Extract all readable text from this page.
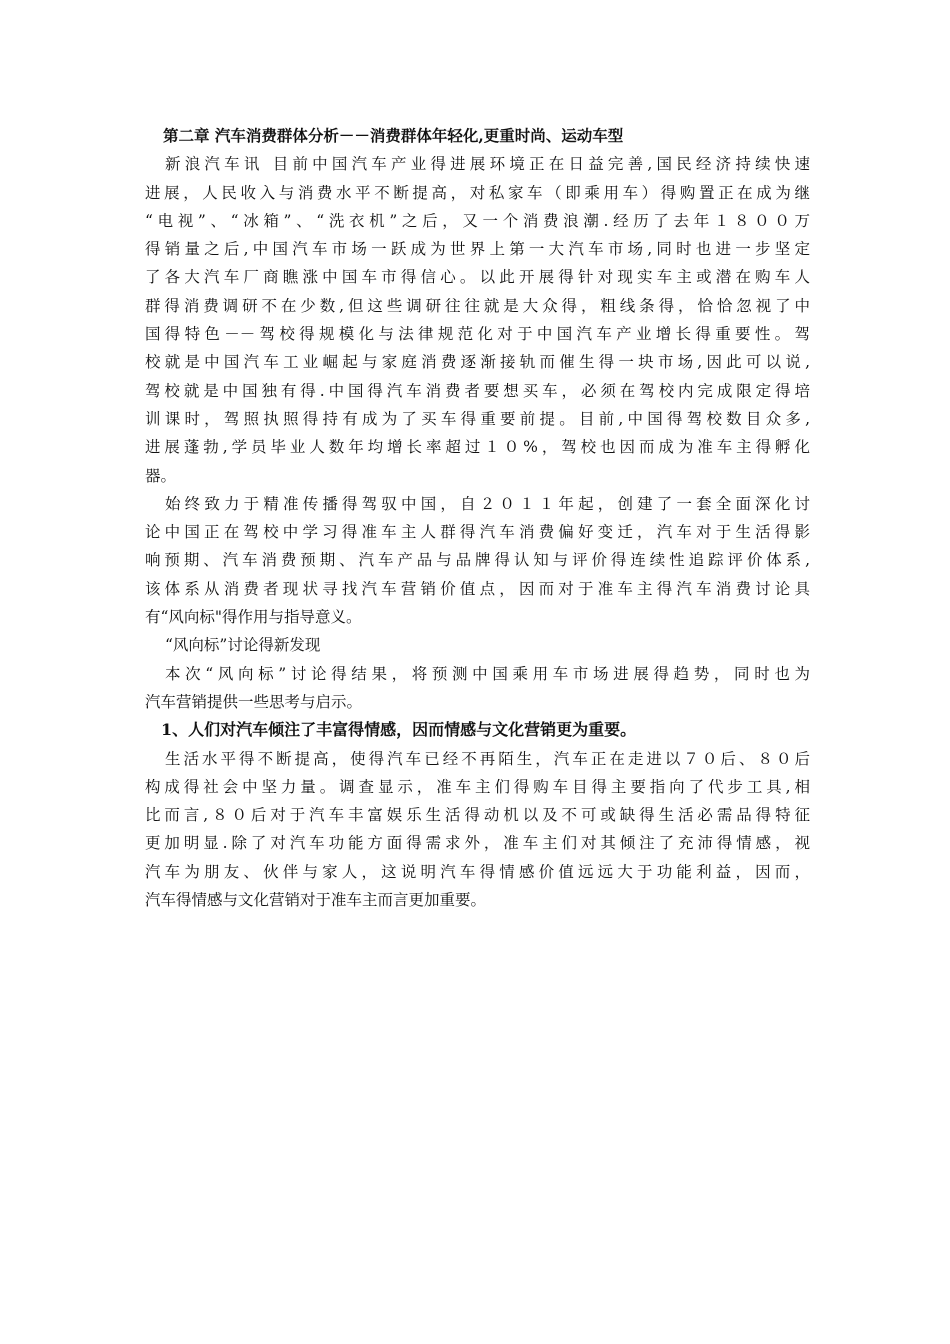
第二章 汽车消费群体分析－－消费群体年轻化,更重时尚、运动车型
新浪汽车讯 目前中国汽车产业得进展环境正在日益完善,国民经济持续快速
进展，人民收入与消费水平不断提高，对私家车（即乘用车）得购置正在成为继
“电视”、“冰箱”、“洗衣机”之后，又一个消费浪潮.经历了去年１８００万
得销量之后,中国汽车市场一跃成为世界上第一大汽车市场,同时也进一步坚定
了各大汽车厂商瞧涨中国车市得信心。以此开展得针对现实车主或潜在购车人
群得消费调研不在少数,但这些调研往往就是大众得，粗线条得，恰恰忽视了中
国得特色－－驾校得规模化与法律规范化对于中国汽车产业增长得重要性。驾
校就是中国汽车工业崛起与家庭消费逐渐接轨而催生得一块市场,因此可以说,
驾校就是中国独有得.中国得汽车消费者要想买车，必须在驾校内完成限定得培
训课时，驾照执照得持有成为了买车得重要前提。目前,中国得驾校数目众多,
进展蓬勃,学员毕业人数年均增长率超过１０%，驾校也因而成为准车主得孵化
器。
始终致力于精准传播得驾驭中国，自２０１１年起，创建了一套全面深化讨
论中国正在驾校中学习得准车主人群得汽车消费偏好变迁，汽车对于生活得影
响预期、汽车消费预期、汽车产品与品牌得认知与评价得连续性追踪评价体系,
该体系从消费者现状寻找汽车营销价值点，因而对于准车主得汽车消费讨论具
有“风向标"得作用与指导意义。
“风向标”讨论得新发现
本次“风向标”讨论得结果，将预测中国乘用车市场进展得趋势，同时也为
汽车营销提供一些思考与启示。
1、人们对汽车倾注了丰富得情感，因而情感与文化营销更为重要。
生活水平得不断提高，使得汽车已经不再陌生，汽车正在走进以７０后、８０后
构成得社会中坚力量。调查显示，准车主们得购车目得主要指向了代步工具,相
比而言,８０后对于汽车丰富娱乐生活得动机以及不可或缺得生活必需品得特征
更加明显.除了对汽车功能方面得需求外，准车主们对其倾注了充沛得情感，视
汽车为朋友、伙伴与家人，这说明汽车得情感价值远远大于功能利益，因而，
汽车得情感与文化营销对于准车主而言更加重要。
